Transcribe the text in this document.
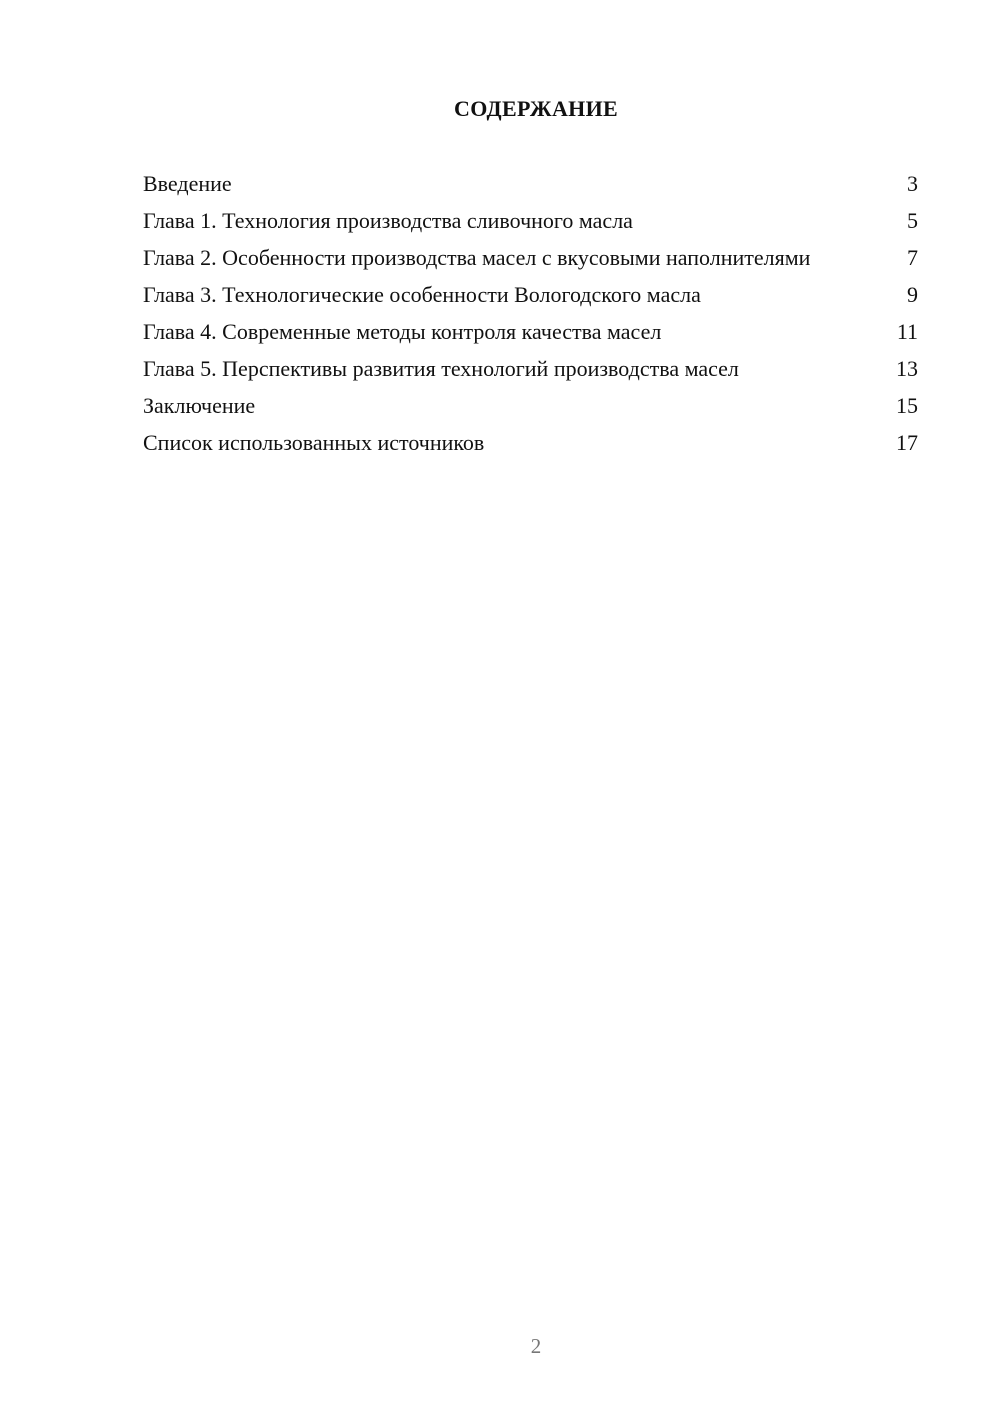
СОДЕРЖАНИЕ
Введение	3
Глава 1. Технология производства сливочного масла	5
Глава 2. Особенности производства масел с вкусовыми наполнителями	7
Глава 3. Технологические особенности Вологодского масла	9
Глава 4. Современные методы контроля качества масел	11
Глава 5. Перспективы развития технологий производства масел	13
Заключение	15
Список использованных источников	17
2
